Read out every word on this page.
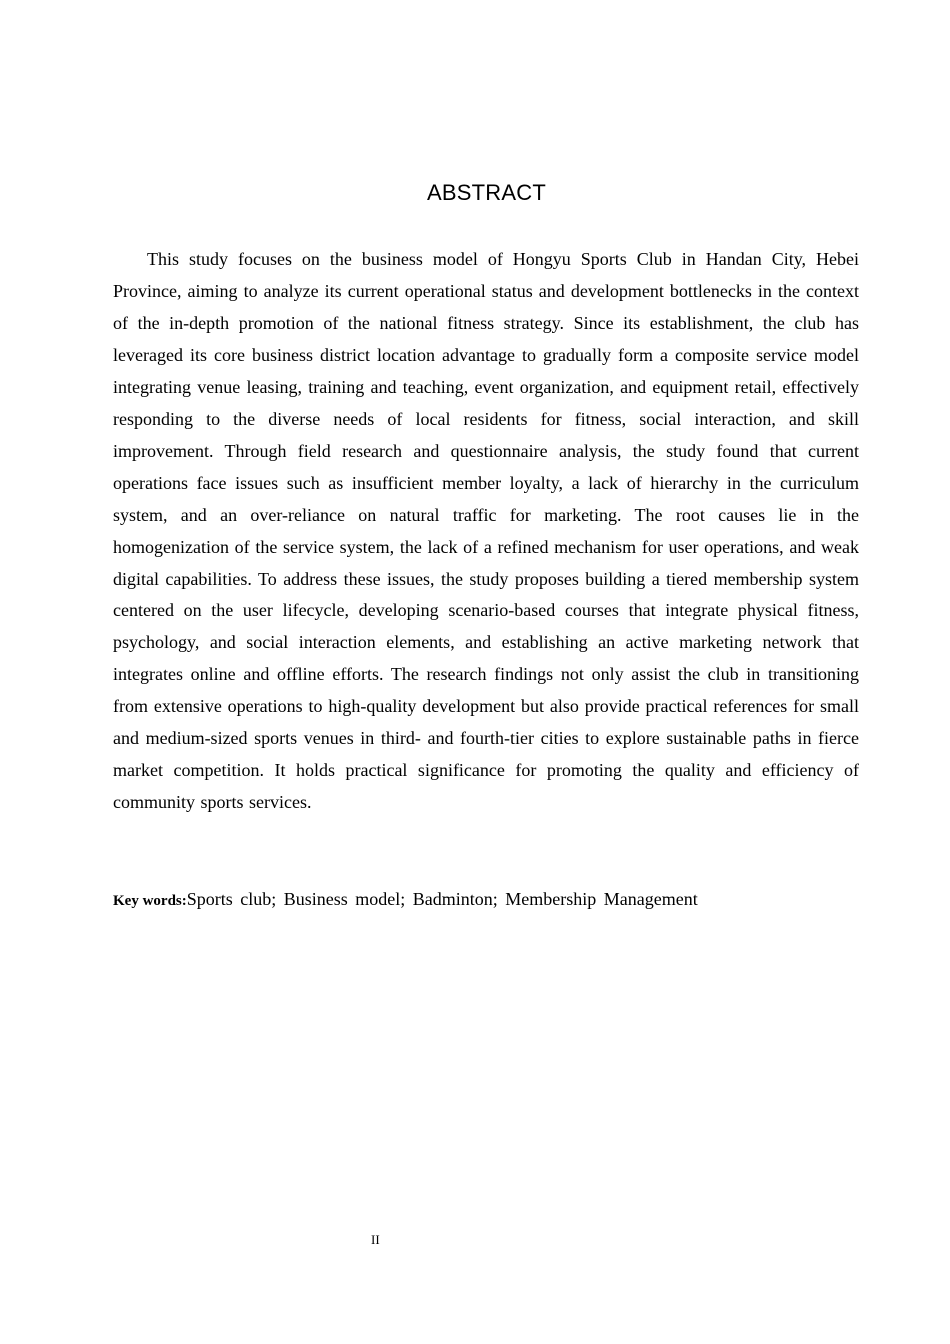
ABSTRACT

This study focuses on the business model of Hongyu Sports Club in Handan City, Hebei Province, aiming to analyze its current operational status and development bottlenecks in the context of the in-depth promotion of the national fitness strategy. Since its establishment, the club has leveraged its core business district location advantage to gradually form a composite service model integrating venue leasing, training and teaching, event organization, and equipment retail, effectively responding to the diverse needs of local residents for fitness, social interaction, and skill improvement. Through field research and questionnaire analysis, the study found that current operations face issues such as insufficient member loyalty, a lack of hierarchy in the curriculum system, and an over-reliance on natural traffic for marketing. The root causes lie in the homogenization of the service system, the lack of a refined mechanism for user operations, and weak digital capabilities. To address these issues, the study proposes building a tiered membership system centered on the user lifecycle, developing scenario-based courses that integrate physical fitness, psychology, and social interaction elements, and establishing an active marketing network that integrates online and offline efforts. The research findings not only assist the club in transitioning from extensive operations to high-quality development but also provide practical references for small and medium-sized sports venues in third- and fourth-tier cities to explore sustainable paths in fierce market competition. It holds practical significance for promoting the quality and efficiency of community sports services.

Key words:Sports club; Business model; Badminton; Membership Management

II
